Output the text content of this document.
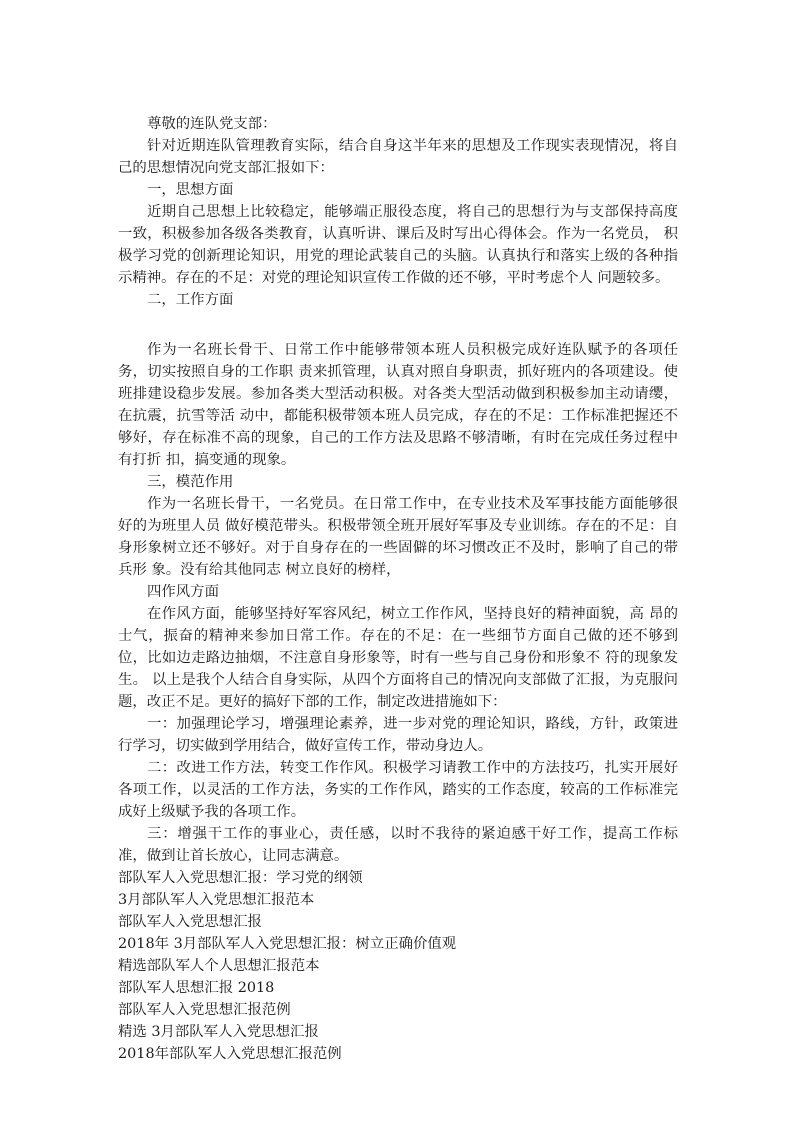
尊敬的连队党支部：

针对近期连队管理教育实际，结合自身这半年来的思想及工作现实表现情况，将自己的思想情况向党支部汇报如下：

一，思想方面

近期自己思想上比较稳定，能够端正服役态度，将自己的思想行为与支部保持高度一致，积极参加各级各类教育，认真听讲、课后及时写出心得体会。作为一名党员， 积极学习党的创新理论知识，用党的理论武装自己的头脑。认真执行和落实上级的各种指示精神。存在的不足：对党的理论知识宣传工作做的还不够，平时考虑个人 问题较多。

二，工作方面

作为一名班长骨干、日常工作中能够带领本班人员积极完成好连队赋予的各项任务，切实按照自身的工作职 责来抓管理，认真对照自身职责，抓好班内的各项建设。使班排建设稳步发展。参加各类大型活动积极。对各类大型活动做到积极参加主动请缨，在抗震，抗雪等活 动中，都能积极带领本班人员完成，存在的不足：工作标准把握还不够好，存在标准不高的现象，自己的工作方法及思路不够清晰，有时在完成任务过程中有打折 扣，搞变通的现象。

三，模范作用

作为一名班长骨干，一名党员。在日常工作中，在专业技术及军事技能方面能够很好的为班里人员 做好模范带头。积极带领全班开展好军事及专业训练。存在的不足：自身形象树立还不够好。对于自身存在的一些固僻的坏习惯改正不及时，影响了自己的带兵形 象。没有给其他同志 树立良好的榜样，

四作风方面

在作风方面，能够坚持好军容风纪，树立工作作风，坚持良好的精神面貌，高 昂的士气，振奋的精神来参加日常工作。存在的不足：在一些细节方面自己做的还不够到位，比如边走路边抽烟，不注意自身形象等，时有一些与自己身份和形象不 符的现象发生。 以上是我个人结合自身实际，从四个方面将自己的情况向支部做了汇报，为克服问题，改正不足。更好的搞好下部的工作，制定改进措施如下：

一：加强理论学习，增强理论素养，进一步对党的理论知识，路线，方针，政策进行学习，切实做到学用结合，做好宣传工作，带动身边人。

二：改进工作方法，转变工作作风。积极学习请教工作中的方法技巧，扎实开展好各项工作，以灵活的工作方法，务实的工作作风，踏实的工作态度，较高的工作标准完成好上级赋予我的各项工作。

三：增强干工作的事业心，责任感，以时不我待的紧迫感干好工作，提高工作标准，做到让首长放心，让同志满意。

部队军人入党思想汇报：学习党的纲领
3月部队军人入党思想汇报范本
部队军人入党思想汇报
2018年 3月部队军人入党思想汇报：树立正确价值观
精选部队军人个人思想汇报范本
部队军人思想汇报 2018
部队军人入党思想汇报范例
精选 3月部队军人入党思想汇报
2018年部队军人入党思想汇报范例
